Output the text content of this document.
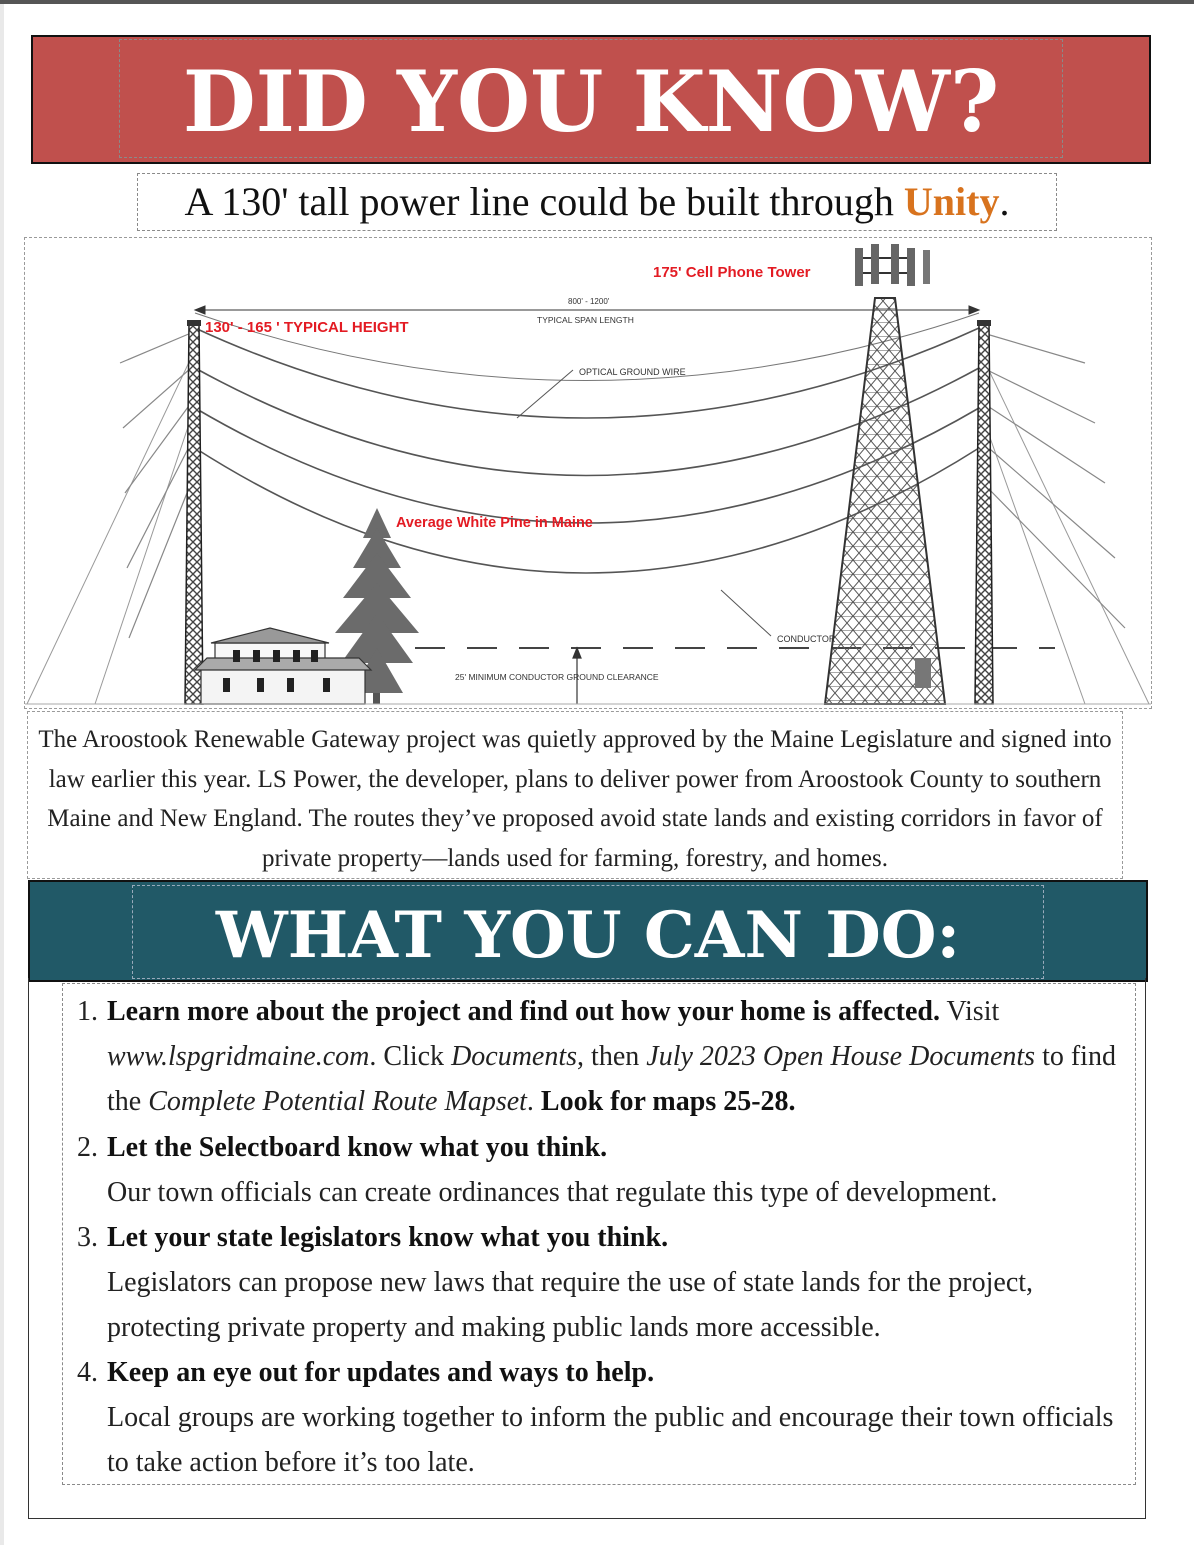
DID YOU KNOW?
A 130' tall power line could be built through Unity.
175' Cell Phone Tower
800' - 1200'
TYPICAL SPAN LENGTH
130' - 165 ' TYPICAL HEIGHT
OPTICAL GROUND WIRE
Average White Pine in Maine
CONDUCTOR
25' MINIMUM CONDUCTOR GROUND CLEARANCE

The Aroostook Renewable Gateway project was quietly approved by the Maine Legislature and signed into law earlier this year. LS Power, the developer, plans to deliver power from Aroostook County to southern Maine and New England. The routes they’ve proposed avoid state lands and existing corridors in favor of private property—lands used for farming, forestry, and homes.

WHAT YOU CAN DO:
1. Learn more about the project and find out how your home is affected. Visit www.lspgridmaine.com. Click Documents, then July 2023 Open House Documents to find the Complete Potential Route Mapset. Look for maps 25-28.
2. Let the Selectboard know what you think.
Our town officials can create ordinances that regulate this type of development.
3. Let your state legislators know what you think.
Legislators can propose new laws that require the use of state lands for the project, protecting private property and making public lands more accessible.
4. Keep an eye out for updates and ways to help.
Local groups are working together to inform the public and encourage their town officials to take action before it’s too late.
